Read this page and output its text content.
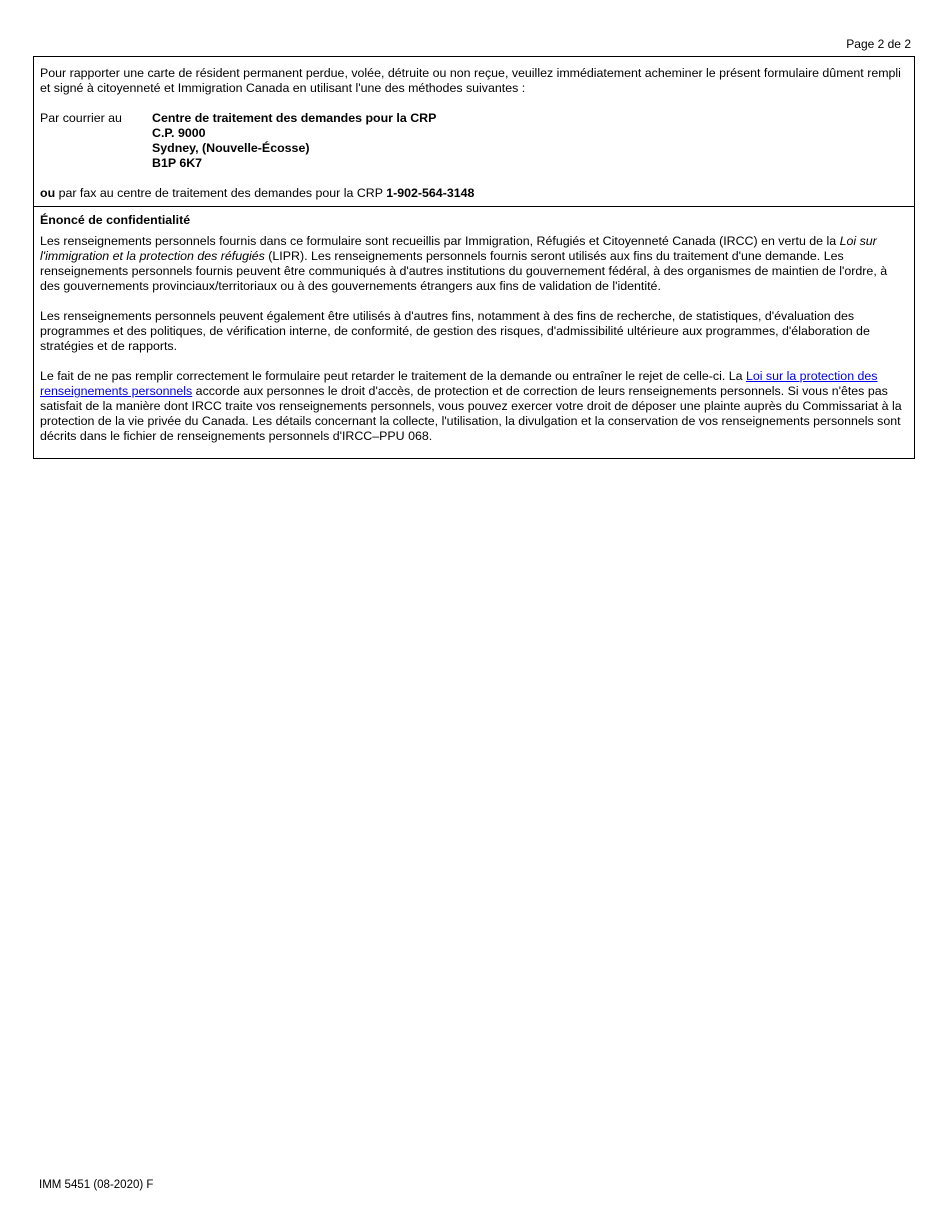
Page 2 de 2
Pour rapporter une carte de résident permanent perdue, volée, détruite ou non reçue, veuillez immédiatement acheminer le présent formulaire dûment rempli et signé à citoyenneté et Immigration Canada en utilisant l'une des méthodes suivantes :
Par courrier au	Centre de traitement des demandes pour la CRP
C.P. 9000
Sydney, (Nouvelle-Écosse)
B1P 6K7
ou par fax au centre de traitement des demandes pour la CRP 1-902-564-3148
Énoncé de confidentialité

Les renseignements personnels fournis dans ce formulaire sont recueillis par Immigration, Réfugiés et Citoyenneté Canada (IRCC) en vertu de la Loi sur l'immigration et la protection des réfugiés (LIPR). Les renseignements personnels fournis seront utilisés aux fins du traitement d'une demande. Les renseignements personnels fournis peuvent être communiqués à d'autres institutions du gouvernement fédéral, à des organismes de maintien de l'ordre, à des gouvernements provinciaux/territoriaux ou à des gouvernements étrangers aux fins de validation de l'identité.

Les renseignements personnels peuvent également être utilisés à d'autres fins, notamment à des fins de recherche, de statistiques, d'évaluation des programmes et des politiques, de vérification interne, de conformité, de gestion des risques, d'admissibilité ultérieure aux programmes, d'élaboration de stratégies et de rapports.

Le fait de ne pas remplir correctement le formulaire peut retarder le traitement de la demande ou entraîner le rejet de celle-ci. La Loi sur la protection des renseignements personnels accorde aux personnes le droit d'accès, de protection et de correction de leurs renseignements personnels. Si vous n'êtes pas satisfait de la manière dont IRCC traite vos renseignements personnels, vous pouvez exercer votre droit de déposer une plainte auprès du Commissariat à la protection de la vie privée du Canada. Les détails concernant la collecte, l'utilisation, la divulgation et la conservation de vos renseignements personnels sont décrits dans le fichier de renseignements personnels d'IRCC–PPU 068.

IMM 5451 (08-2020) F
